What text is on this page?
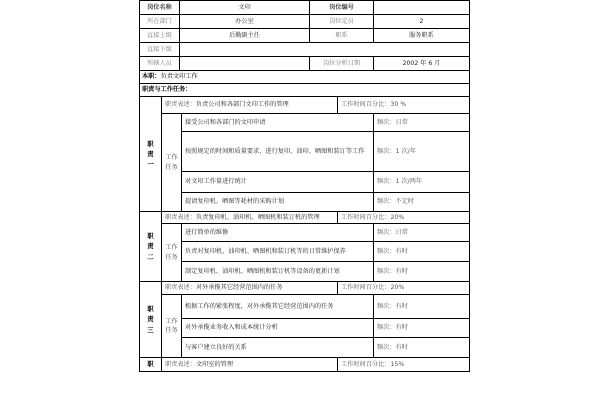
岗位名称		文印		岗位编号		
所在部门		办公室		岗位定员		2
直接上级		后勤副主任		职系		服务职系
直接下级						
所辖人员				岗位分析日期		2002 年 6 月
本职：负责文印工作						
职责与工作任务：						
职责一	职责表述：负责公司和各部门文印工作的管理				工作时间百分比：30 %	
	工作任务		接受公司和各部门的文印申请			频次：日常
			按照规定的时间和质量要求，进行复印、油印、晒图和装订等工作			频次：1 次/年
			对文印工作量进行统计			频次：1 次/两年
			提请复印机、晒图等耗材的采购计划			频次：不定时
职责二	职责表述：负责复印机、油印机、晒图机和装订机的管理				工作时间百分比：20%	
	工作任务		进行简单的维修			频次：日常
			负责对复印机、油印机、晒图机和装订机等的日常维护保养			频次：有时
			制定复印机、油印机、晒图机和装订机等设备的更新计划			频次：有时
职责三	职责表述：对外承揽其它经营范围内的任务				工作时间百分比：20%	
	工作任务		根据工作的紧张程度，对外承揽其它经营范围内的任务			频次：有时
			对外承揽业务收入和成本统计分析			频次：有时
			与客户建立良好的关系			频次：有时
职	职责表述：文印室的管理				工作时间百分比：15%	
